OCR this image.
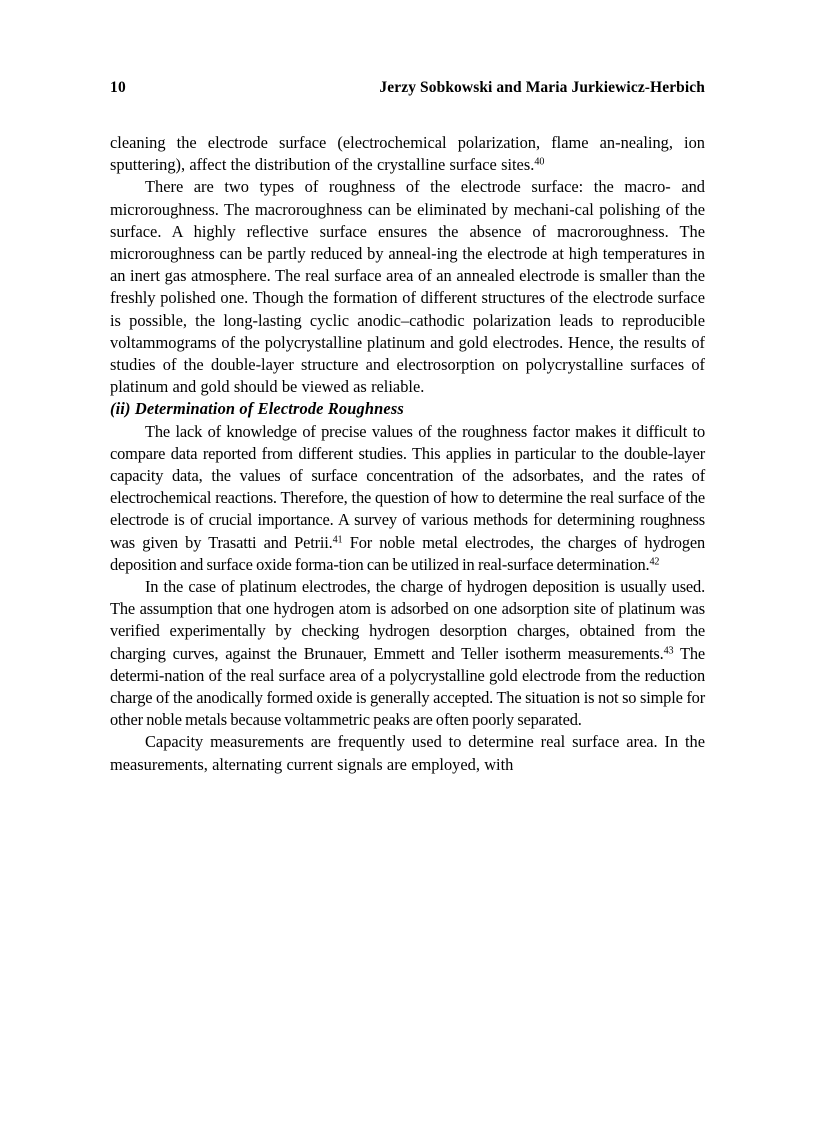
10	Jerzy Sobkowski and Maria Jurkiewicz-Herbich

cleaning the electrode surface (electrochemical polarization, flame an-​nealing, ion sputtering), affect the distribution of the crystalline surface sites.$^{40}$

There are two types of roughness of the electrode surface: the macro- and microroughness. The macroroughness can be eliminated by mechani-​cal polishing of the surface. A highly reflective surface ensures the absence of macroroughness. The microroughness can be partly reduced by anneal-​ing the electrode at high temperatures in an inert gas atmosphere. The real surface area of an annealed electrode is smaller than the freshly polished one. Though the formation of different structures of the electrode surface is possible, the long-​lasting cyclic anodic–cathodic polarization leads to reproducible voltammograms of the polycrystalline platinum and gold electrodes. Hence, the results of studies of the double-​layer structure and electrosorption on polycrystalline surfaces of platinum and gold should be viewed as reliable.

(ii) Determination of Electrode Roughness

The lack of knowledge of precise values of the roughness factor makes it difficult to compare data reported from different studies. This applies in particular to the double-​layer capacity data, the values of surface concentration of the adsorbates, and the rates of electrochemical reactions. Therefore, the question of how to determine the real surface of the electrode is of crucial importance. A survey of various methods for determining roughness was given by Trasatti and Petrii.$^{41}$ For noble metal electrodes, the charges of hydrogen deposition and surface oxide forma-​tion can be utilized in real-​surface determination.$^{42}$

In the case of platinum electrodes, the charge of hydrogen deposition is usually used. The assumption that one hydrogen atom is adsorbed on one adsorption site of platinum was verified experimentally by checking hydrogen desorption charges, obtained from the charging curves, against the Brunauer, Emmett and Teller isotherm measurements.$^{43}$ The determi-​nation of the real surface area of a polycrystalline gold electrode from the reduction charge of the anodically formed oxide is generally accepted. The situation is not so simple for other noble metals because voltammetric peaks are often poorly separated.

Capacity measurements are frequently used to determine real surface area. In the measurements, alternating current signals are employed, with
